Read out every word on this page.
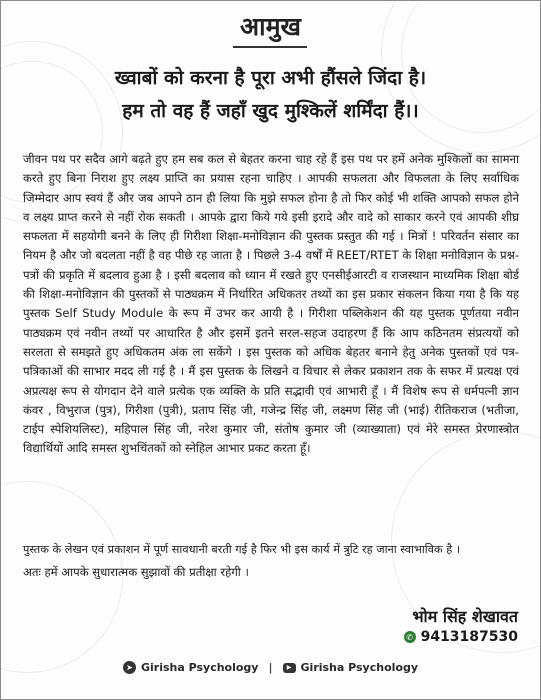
आमुख
ख्वाबों को करना है पूरा अभी हौंसले जिंदा है।
हम तो वह हैं जहाँ खुद मुश्किलें शर्मिंदा हैं।।
जीवन पथ पर सदैव आगे बढ़ते हुए हम सब कल से बेहतर करना चाह रहे हैं इस पथ पर हमें अनेक मुश्किलों का सामना करते हुए बिना निराश हुए लक्ष्य प्राप्ति का प्रयास रहना चाहिए । आपकी सफलता और विफलता के लिए सर्वाधिक जिम्मेदार आप स्वयं हैं और जब आपने ठान ही लिया कि मुझे सफल होना है तो फिर कोई भी शक्ति आपको सफल होने व लक्ष्य प्राप्त करने से नहीं रोक सकती । आपके द्वारा किये गये इसी इरादे और वादे को साकार करने एवं आपकी शीघ्र सफलता में सहयोगी बनने के लिए ही गिरीशा शिक्षा-मनोविज्ञान की पुस्तक प्रस्तुत की गई । मित्रों ! परिवर्तन संसार का नियम है और जो बदलता नहीं है वह पीछे रह जाता है । पिछले 3-4 वर्षों में REET/RTET के शिक्षा मनोविज्ञान के प्रश्न-पत्रों की प्रकृति में बदलाव हुआ है । इसी बदलाव को ध्यान में रखते हुए एनसीईआरटी व राजस्थान माध्यमिक शिक्षा बोर्ड की शिक्षा-मनोविज्ञान की पुस्तकों से पाठ्यक्रम में निर्धारित अधिकतर तथ्यों का इस प्रकार संकलन किया गया है कि यह पुस्तक Self Study Module के रूप में उभर कर आयी है । गिरीशा पब्लिकेशन की यह पुस्तक पूर्णतया नवीन पाठ्यक्रम एवं नवीन तथ्यों पर आधारित है और इसमें इतने सरल-सहज उदाहरण हैं कि आप कठिनतम संप्रत्ययों को सरलता से समझते हुए अधिकतम अंक ला सकेंगे । इस पुस्तक को अधिक बेहतर बनाने हेतु अनेक पुस्तकों एवं पत्र-पत्रिकाओं की साभार मदद ली गई है । मैं इस पुस्तक के लिखने व विचार से लेकर प्रकाशन तक के सफर में प्रत्यक्ष एवं अप्रत्यक्ष रूप से योगदान देने वाले प्रत्येक एक व्यक्ति के प्रति सद्भावी एवं आभारी हूँ । मैं विशेष रूप से धर्मपत्नी ज्ञान कंवर , विभुराज (पुत्र), गिरीशा (पुत्री), प्रताप सिंह जी, गजेन्द्र सिंह जी, लक्ष्मण सिंह जी (भाई) रीतिकराज (भतीजा, टाईप स्पेशियलिस्ट), महिपाल सिंह जी, नरेश कुमार जी, संतोष कुमार जी (व्याख्याता) एवं मेरे समस्त प्रेरणास्त्रोत विद्यार्थियों आदि समस्त शुभचिंतकों को स्नेहिल आभार प्रकट करता हूँ।
पुस्तक के लेखन एवं प्रकाशन में पूर्ण सावधानी बरती गई है फिर भी इस कार्य में त्रुटि रह जाना स्वाभाविक है ।
अतः हमें आपके सुधारात्मक सुझावों की प्रतीक्षा रहेगी ।
भोम सिंह शेखावत
✆ 9413187530
➤ Girisha Psychology |	▶ Girisha Psychology
